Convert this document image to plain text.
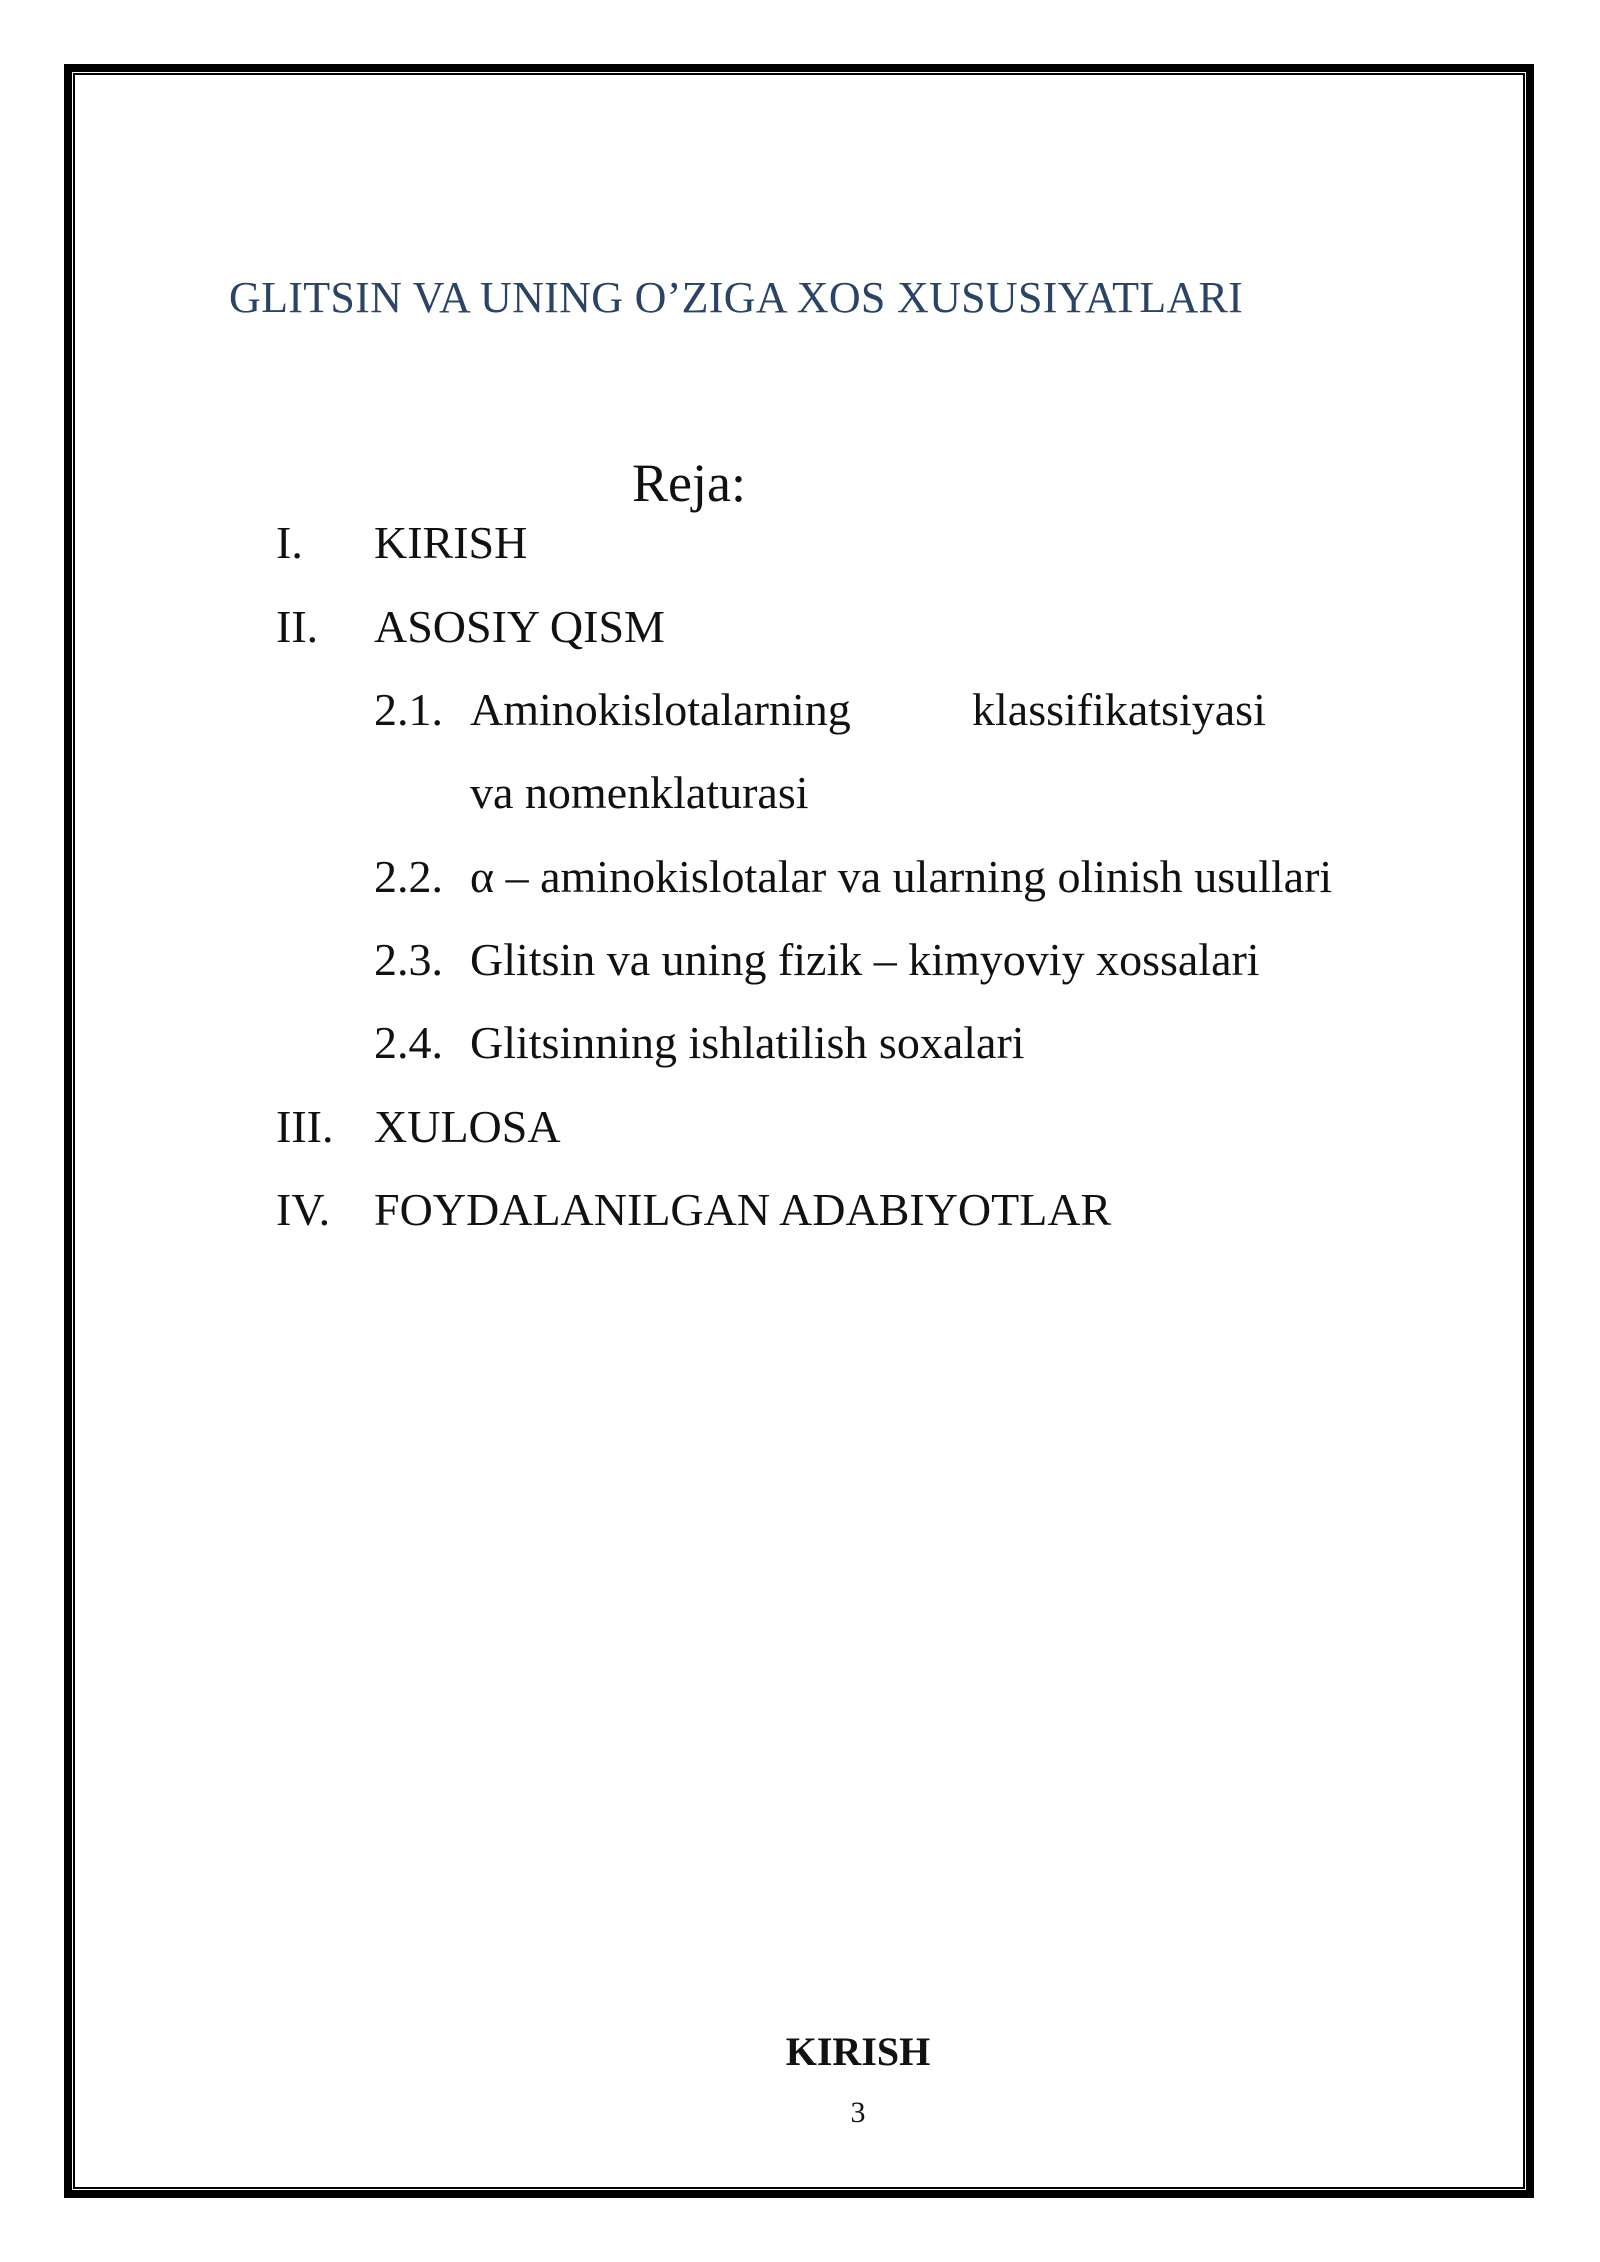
GLITSIN VA UNING O’ZIGA XOS XUSUSIYATLARI
Reja:
I. KIRISH
II. ASOSIY QISM
2.1. Aminokislotalarning	klassifikatsiyasi
va nomenklaturasi
2.2. α – aminokislotalar va ularning olinish usullari
2.3. Glitsin va uning fizik – kimyoviy xossalari
2.4. Glitsinning ishlatilish soxalari
III. XULOSA
IV. FOYDALANILGAN ADABIYOTLAR
KIRISH
3
